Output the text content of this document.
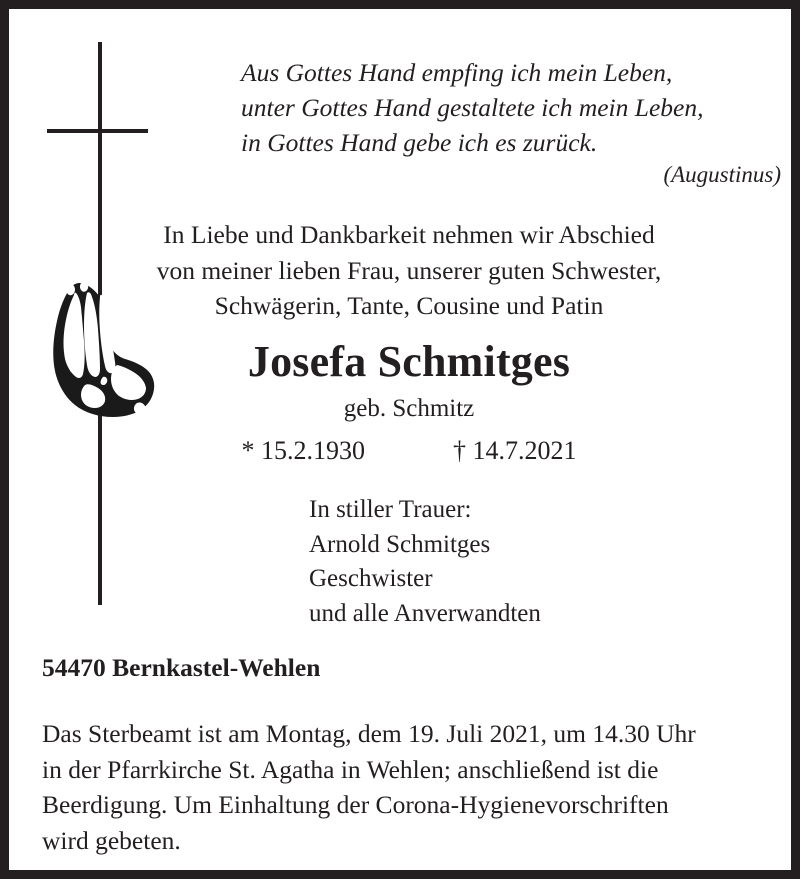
Aus Gottes Hand empfing ich mein Leben,
unter Gottes Hand gestaltete ich mein Leben,
in Gottes Hand gebe ich es zurück.
(Augustinus)
In Liebe und Dankbarkeit nehmen wir Abschied
von meiner lieben Frau, unserer guten Schwester,
Schwägerin, Tante, Cousine und Patin
Josefa Schmitges
geb. Schmitz
* 15.2.1930	† 14.7.2021
In stiller Trauer:
Arnold Schmitges
Geschwister
und alle Anverwandten
54470 Bernkastel-Wehlen
Das Sterbeamt ist am Montag, dem 19. Juli 2021, um 14.30 Uhr
in der Pfarrkirche St. Agatha in Wehlen; anschließend ist die
Beerdigung. Um Einhaltung der Corona-Hygienevorschriften
wird gebeten.
